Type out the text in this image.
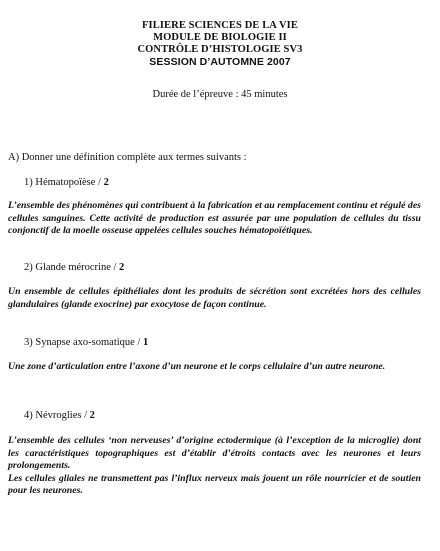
FILIERE SCIENCES DE LA VIE
MODULE DE BIOLOGIE II
CONTRÔLE D’HISTOLOGIE SV3
SESSION D’AUTOMNE 2007
Durée de l’épreuve : 45 minutes
A) Donner une définition complète aux termes suivants :
1) Hématopoïèse / 2

L’ensemble des phénomènes qui contribuent à la fabrication et au remplacement continu et régulé des cellules sanguines. Cette activité de production est assurée par une population de cellules du tissu conjonctif de la moelle osseuse appelées cellules souches hématopoïétiques.

2) Glande mérocrine / 2

Un ensemble de cellules épithéliales dont les produits de sécrétion sont excrétées hors des cellules glandulaires (glande exocrine) par exocytose de façon continue.

3) Synapse axo-somatique / 1

Une zone d’articulation entre l’axone d’un neurone et le corps cellulaire d’un autre neurone.

4) Névroglies / 2

L’ensemble des cellules ‘non nerveuses’ d’origine ectodermique (à l’exception de la microglie) dont les caractéristiques topographiques est d’établir d’étroits contacts avec les neurones et leurs prolongements.

Les cellules gliales ne transmettent pas l’influx nerveux mais jouent un rôle nourricier et de soutien pour les neurones.
